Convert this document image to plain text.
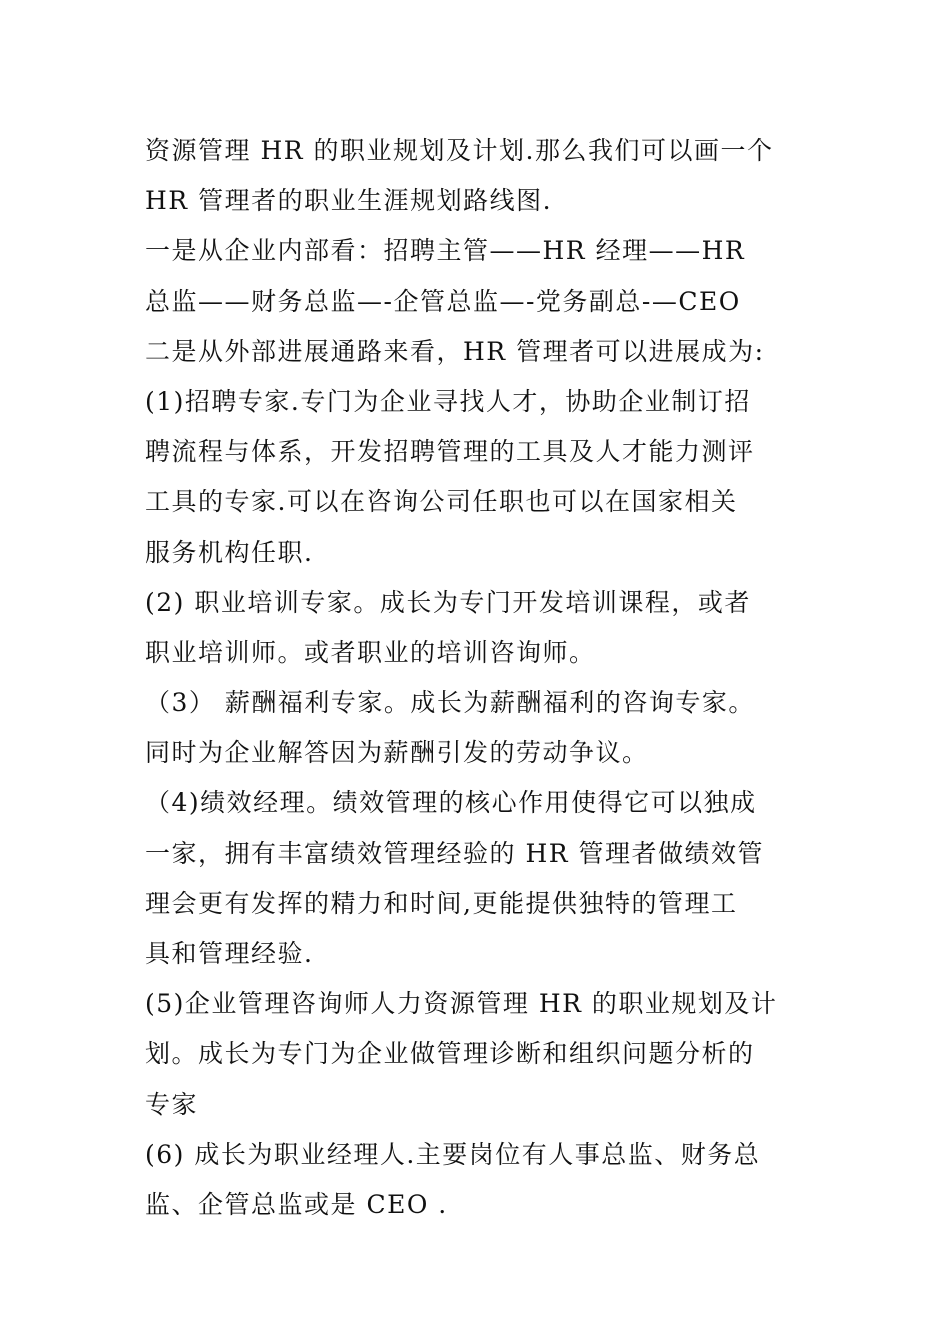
资源管理 HR 的职业规划及计划.那么我们可以画一个
HR 管理者的职业生涯规划路线图.
一是从企业内部看：招聘主管——HR 经理——HR
总监——财务总监—-企管总监—-党务副总-—CEO
二是从外部进展通路来看，HR 管理者可以进展成为:
(1)招聘专家.专门为企业寻找人才，协助企业制订招
聘流程与体系，开发招聘管理的工具及人才能力测评
工具的专家.可以在咨询公司任职也可以在国家相关
服务机构任职.
(2) 职业培训专家。成长为专门开发培训课程，或者
职业培训师。或者职业的培训咨询师。
（3） 薪酬福利专家。成长为薪酬福利的咨询专家。
同时为企业解答因为薪酬引发的劳动争议。
（4)绩效经理。绩效管理的核心作用使得它可以独成
一家，拥有丰富绩效管理经验的 HR 管理者做绩效管
理会更有发挥的精力和时间,更能提供独特的管理工
具和管理经验.
(5)企业管理咨询师人力资源管理 HR 的职业规划及计
划。成长为专门为企业做管理诊断和组织问题分析的
专家
(6) 成长为职业经理人.主要岗位有人事总监、财务总
监、企管总监或是 CEO .
